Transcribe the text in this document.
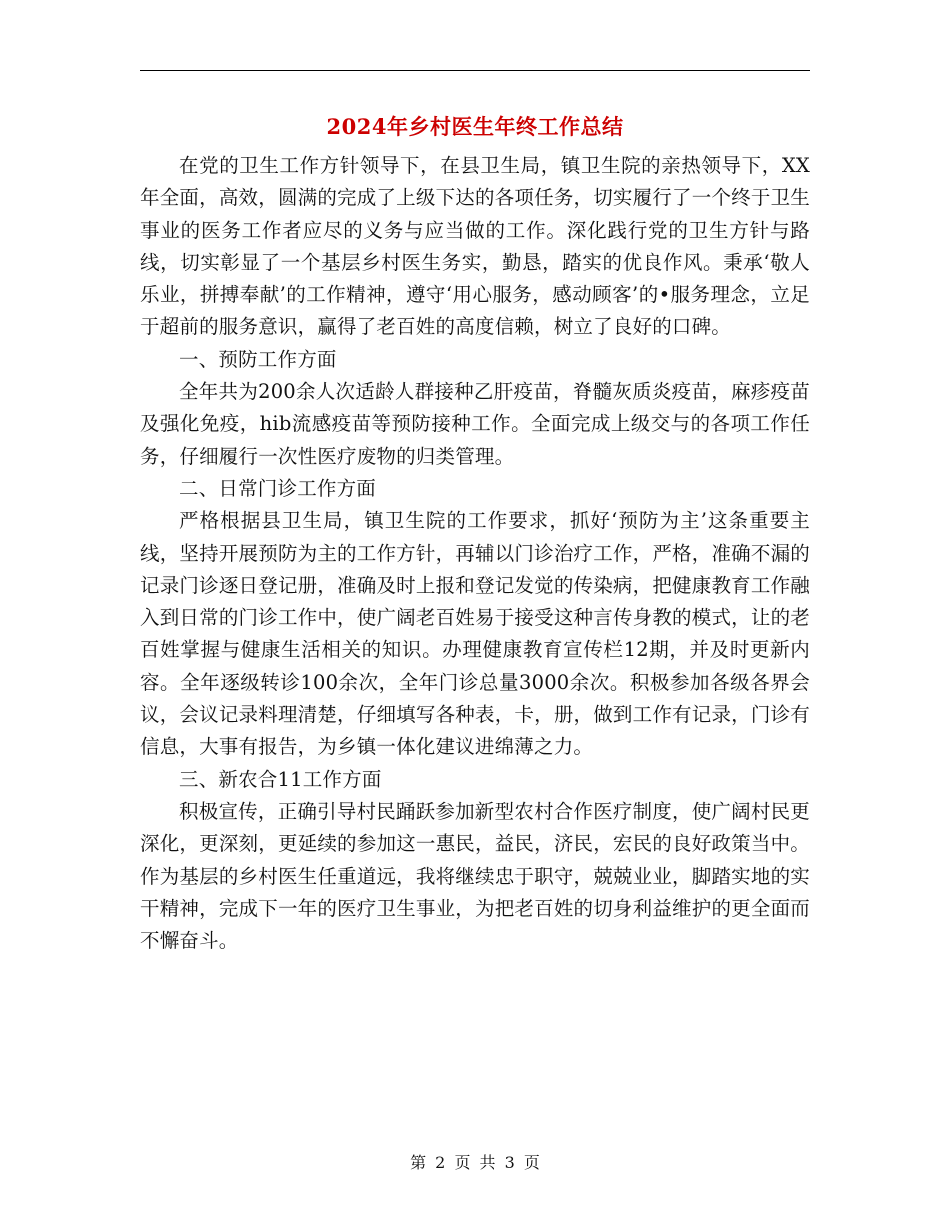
2024年乡村医生年终工作总结

在党的卫生工作方针领导下，在县卫生局，镇卫生院的亲热领导下，XX年全面，高效，圆满的完成了上级下达的各项任务，切实履行了一个终于卫生事业的医务工作者应尽的义务与应当做的工作。深化践行党的卫生方针与路线，切实彰显了一个基层乡村医生务实，勤恳，踏实的优良作风。秉承‘敬人乐业，拼搏奉献’的工作精神，遵守‘用心服务，感动顾客’的•服务理念，立足于超前的服务意识，赢得了老百姓的高度信赖，树立了良好的口碑。

一、预防工作方面

全年共为200余人次适龄人群接种乙肝疫苗，脊髓灰质炎疫苗，麻疹疫苗及强化免疫，hib流感疫苗等预防接种工作。全面完成上级交与的各项工作任务，仔细履行一次性医疗废物的归类管理。

二、日常门诊工作方面

严格根据县卫生局，镇卫生院的工作要求，抓好‘预防为主’这条重要主线，坚持开展预防为主的工作方针，再辅以门诊治疗工作，严格，准确不漏的记录门诊逐日登记册，准确及时上报和登记发觉的传染病，把健康教育工作融入到日常的门诊工作中，使广阔老百姓易于接受这种言传身教的模式，让的老百姓掌握与健康生活相关的知识。办理健康教育宣传栏12期，并及时更新内容。全年逐级转诊100余次，全年门诊总量3000余次。积极参加各级各界会议，会议记录料理清楚，仔细填写各种表，卡，册，做到工作有记录，门诊有信息，大事有报告，为乡镇一体化建议进绵薄之力。

三、新农合11工作方面

积极宣传，正确引导村民踊跃参加新型农村合作医疗制度，使广阔村民更深化，更深刻，更延续的参加这一惠民，益民，济民，宏民的良好政策当中。作为基层的乡村医生任重道远，我将继续忠于职守，兢兢业业，脚踏实地的实干精神，完成下一年的医疗卫生事业，为把老百姓的切身利益维护的更全面而不懈奋斗。

第 2 页 共 3 页
